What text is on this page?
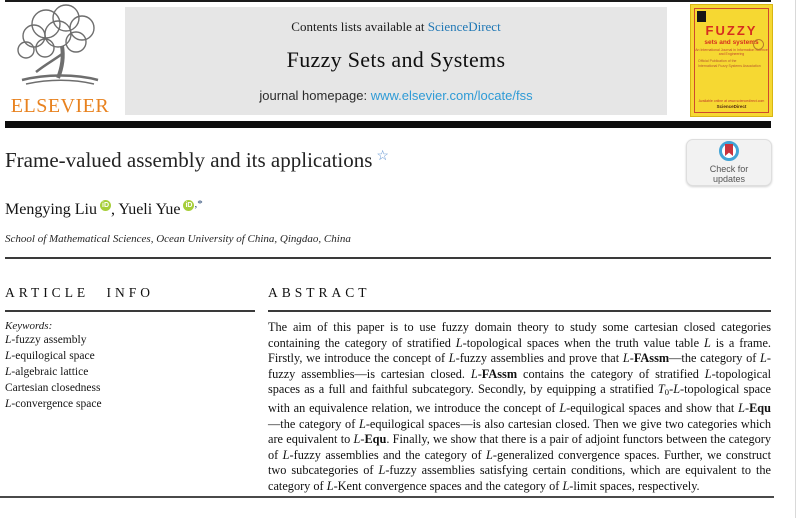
ELSEVIER
Contents lists available at ScienceDirect
Fuzzy Sets and Systems
journal homepage: www.elsevier.com/locate/fss
FUZZY
sets and systems
An International Journal in Information Science and Engineering
Official Publication of the
International Fuzzy Systems Association
Available online at www.sciencedirect.com
ScienceDirect
Frame-valued assembly and its applications ☆
Check for
updates
Mengying Liu iD , Yueli Yue iD ,*
School of Mathematical Sciences, Ocean University of China, Qingdao, China
ARTICLE INFO
Keywords:
L-fuzzy assembly
L-equilogical space
L-algebraic lattice
Cartesian closedness
L-convergence space
ABSTRACT
The aim of this paper is to use fuzzy domain theory to study some cartesian closed categories containing the category of stratified L-topological spaces when the truth value table L is a frame. Firstly, we introduce the concept of L-fuzzy assemblies and prove that L-FAssm—the category of L-fuzzy assemblies—is cartesian closed. L-FAssm contains the category of stratified L-topological spaces as a full and faithful subcategory. Secondly, by equipping a stratified T0-L-topological space with an equivalence relation, we introduce the concept of L-equilogical spaces and show that L-Equ—the category of L-equilogical spaces—is also cartesian closed. Then we give two categories which are equivalent to L-Equ. Finally, we show that there is a pair of adjoint functors between the category of L-fuzzy assemblies and the category of L-generalized convergence spaces. Further, we construct two subcategories of L-fuzzy assemblies satisfying certain conditions, which are equivalent to the category of L-Kent convergence spaces and the category of L-limit spaces, respectively.
